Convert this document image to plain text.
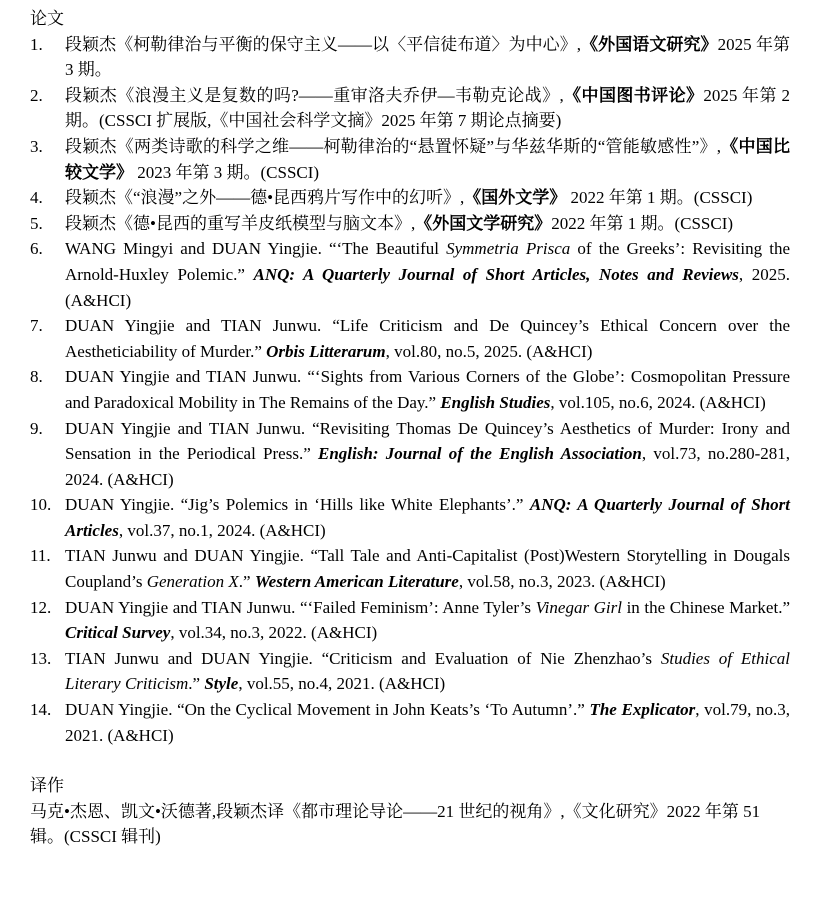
论文
1.	段颖杰《柯勒律治与平衡的保守主义——以〈平信徒布道〉为中心》,《外国语文研究》2025 年第 3 期。
2.	段颖杰《浪漫主义是复数的吗?——重审洛夫乔伊—韦勒克论战》,《中国图书评论》2025 年第 2 期。(CSSCI 扩展版,《中国社会科学文摘》2025 年第 7 期论点摘要)
3.	段颖杰《两类诗歌的科学之维——柯勒律治的“悬置怀疑”与华兹华斯的“管能敏感性”》,《中国比较文学》 2023 年第 3 期。(CSSCI)
4.	段颖杰《“浪漫”之外——德•昆西鸦片写作中的幻听》,《国外文学》 2022 年第 1 期。(CSSCI)
5.	段颖杰《德•昆西的重写羊皮纸模型与脑文本》,《外国文学研究》2022 年第 1 期。(CSSCI)
6.	WANG Mingyi and DUAN Yingjie. “‘The Beautiful Symmetria Prisca of the Greeks’: Revisiting the Arnold-Huxley Polemic.” ANQ: A Quarterly Journal of Short Articles, Notes and Reviews, 2025. (A&HCI)
7.	DUAN Yingjie and TIAN Junwu. “Life Criticism and De Quincey’s Ethical Concern over the Aestheticiability of Murder.” Orbis Litterarum, vol.80, no.5, 2025. (A&HCI)
8.	DUAN Yingjie and TIAN Junwu. “‘Sights from Various Corners of the Globe’: Cosmopolitan Pressure and Paradoxical Mobility in The Remains of the Day.” English Studies, vol.105, no.6, 2024. (A&HCI)
9.	DUAN Yingjie and TIAN Junwu. “Revisiting Thomas De Quincey’s Aesthetics of Murder: Irony and Sensation in the Periodical Press.” English: Journal of the English Association, vol.73, no.280-281, 2024. (A&HCI)
10. DUAN Yingjie. “Jig’s Polemics in ‘Hills like White Elephants’.” ANQ: A Quarterly Journal of Short Articles, vol.37, no.1, 2024. (A&HCI)
11. TIAN Junwu and DUAN Yingjie. “Tall Tale and Anti-Capitalist (Post)Western Storytelling in Dougals Coupland’s Generation X.” Western American Literature, vol.58, no.3, 2023. (A&HCI)
12. DUAN Yingjie and TIAN Junwu. “‘Failed Feminism’: Anne Tyler’s Vinegar Girl in the Chinese Market.” Critical Survey, vol.34, no.3, 2022. (A&HCI)
13. TIAN Junwu and DUAN Yingjie. “Criticism and Evaluation of Nie Zhenzhao’s Studies of Ethical Literary Criticism.” Style, vol.55, no.4, 2021. (A&HCI)
14. DUAN Yingjie. “On the Cyclical Movement in John Keats’s ‘To Autumn’.” The Explicator, vol.79, no.3, 2021. (A&HCI)
译作
马克•杰恩、凯文•沃德著,段颖杰译《都市理论导论——21 世纪的视角》,《文化研究》2022 年第 51 辑。(CSSCI 辑刊)
